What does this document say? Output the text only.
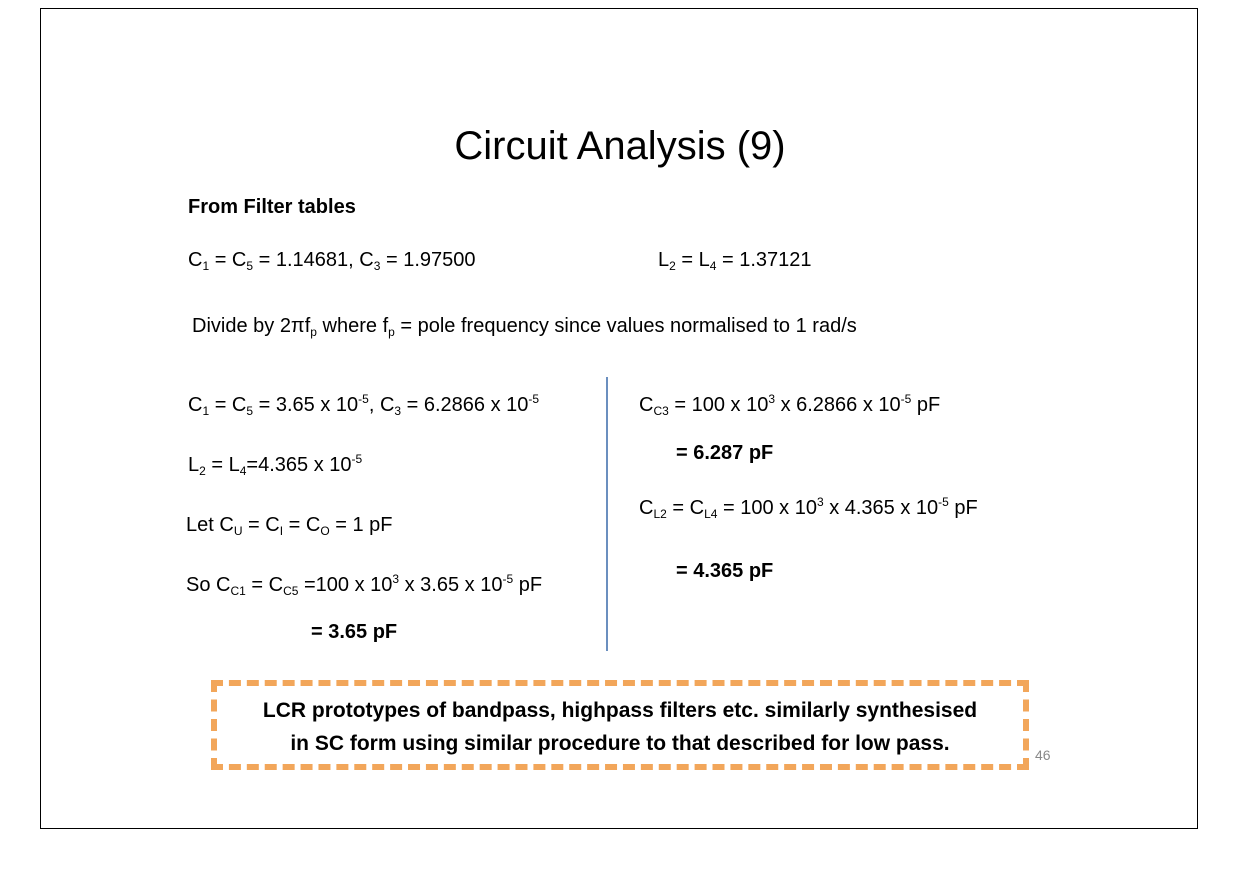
Circuit Analysis (9)
From Filter tables
$C_1 = C_5 = 1.14681$, $C_3 = 1.97500$	$L_2 = L_4 = 1.37121$
Divide by $2\pi f_p$ where $f_p$ = pole frequency since values normalised to 1 rad/s
$C_1 = C_5 = 3.65$ x $10^{-5}$, $C_3 = 6.2866$ x $10^{-5}$
$L_2 = L_4=4.365$ x $10^{-5}$
Let $C_U = C_I = C_O = 1$ pF
So $C_{C1} = C_{C5} =100$ x $10^3$ x 3.65 x $10^{-5}$ pF
= 3.65 pF
$C_{C3} = 100$ x $10^3$ x 6.2866 x $10^{-5}$ pF
= 6.287 pF
$C_{L2} = C_{L4} = 100$ x $10^3$ x 4.365 x $10^{-5}$ pF
= 4.365 pF
LCR prototypes of bandpass, highpass filters etc. similarly synthesised
in SC form using similar procedure to that described for low pass.	46
